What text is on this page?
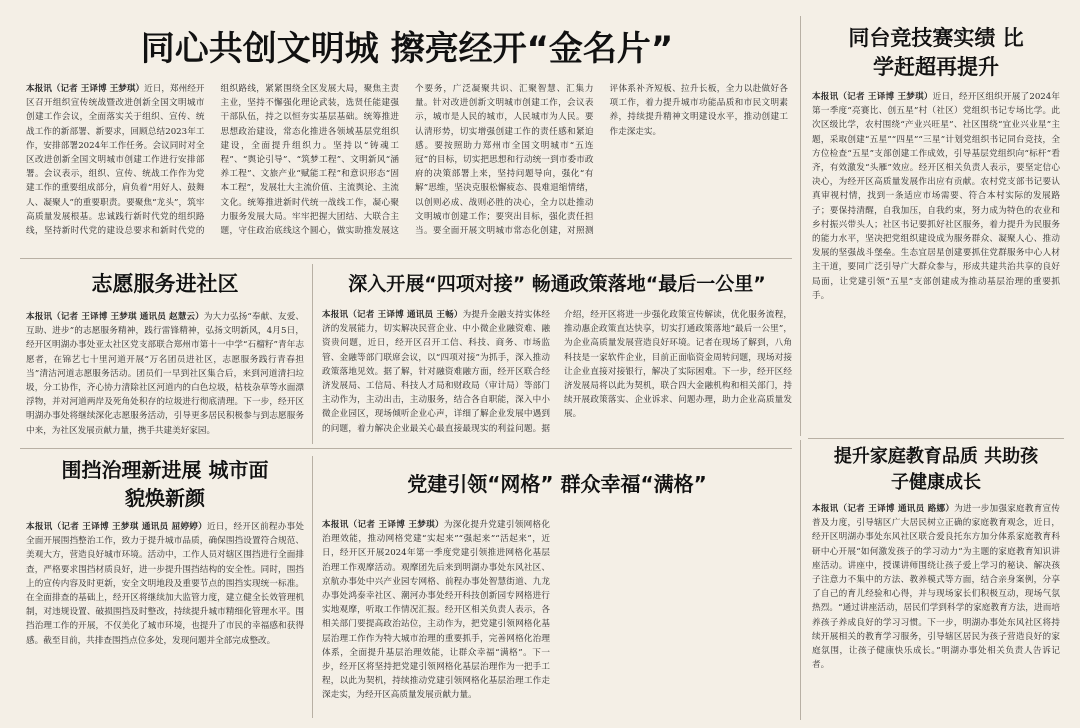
同心共创文明城 擦亮经开“金名片”

本报讯（记者 王译博 王梦琪）近日，郑州经开区召开组织宣传统战暨改进创新全国文明城市创建工作会议，全面落实关于组织、宣传、统战工作的新部署、新要求，回顾总结2023年工作，安排部署2024年工作任务。会议同时对全区改进创新全国文明城市创建工作进行安排部署。会议表示，组织、宣传、统战工作作为党建工作的重要组成部分，肩负着“用好人、鼓舞人、凝聚人”的重要职责。要聚焦“龙头”，筑牢高质量发展根基。忠诚践行新时代党的组织路线，坚持新时代党的建设总要求和新时代党的组织路线，紧紧围绕全区发展大局，聚焦主责主业，坚持不懈强化理论武装，选贤任能建强干部队伍，持之以恒夯实基层基础。统筹推进思想政治建设，常态化推进各领域基层党组织建设，全面提升组织力。坚持以“铸魂工程”、“舆论引导”、“筑梦工程”、文明新风“涵养工程”、文旅产业“赋能工程”和意识形态“固本工程”，发展壮大主流价值、主流舆论、主流文化。统筹推进新时代统一战线工作，凝心聚力服务发展大局。牢牢把握大团结、大联合主题，守住政治底线这个圆心，做实助推发展这个要务，广泛凝聚共识、汇聚智慧、汇集力量。针对改进创新文明城市创建工作，会议表示，城市是人民的城市，人民城市为人民。要认清形势，切实增强创建工作的责任感和紧迫感。要按照助力郑州市全国文明城市“五连冠”的目标，切实把思想和行动统一到市委市政府的决策部署上来，坚持问题导向，强化“有解”思维，坚决克服松懈疲态、畏难退缩情绪，以创则必成、战则必胜的决心，全力以赴推动文明城市创建工作；要突出目标，强化责任担当。要全面开展文明城市常态化创建，对照测评体系补齐短板、拉升长板，全力以赴做好各项工作，着力提升城市功能品质和市民文明素养，持续提升精神文明建设水平，推动创建工作走深走实。

同台竞技赛实绩 比学赶超再提升

本报讯（记者 王译博 王梦琪）近日，经开区组织开展了2024年第一季度“亮赛比、创五星”村（社区）党组织书记专场比学。此次区级比学，农村围绕“产业兴旺星”、社区围绕“宜业兴业星”主题，采取创建“五星”“四星”“三星”计划党组织书记同台竞技，全方位检查“五星”支部创建工作成效，引导基层党组织向“标杆”看齐，有效激发“头雁”效应。经开区相关负责人表示，要坚定信心决心，为经开区高质量发展作出应有贡献。农村党支部书记要认真审视村情，找到一条适应市场需要、符合本村实际的发展路子；要保持清醒，自我加压，自我约束，努力成为特色的农业和乡村振兴带头人；社区书记要抓好社区服务，着力提升为民服务的能力水平，坚决把党组织建设成为服务群众、凝聚人心、推动发展的坚强战斗堡垒。生态宜居星创建要抓住党群服务中心人材主干道，要同广泛引导广大群众参与，形成共建共治共享的良好局面，让党建引领“五星”支部创建成为推动基层治理的重要抓手。

志愿服务进社区

本报讯（记者 王译博 王梦琪 通讯员 赵慧云）为大力弘扬“奉献、友爱、互助、进步”的志愿服务精神，践行雷锋精神，弘扬文明新风，4月5日，经开区明湖办事处亚太社区党支部联合郑州市第十一中学“石榴籽”青年志愿者，在锦艺七十里河道开展“万名团员进社区，志愿服务践行青春担当”清洁河道志愿服务活动。团员们一早到社区集合后，来到河道清扫垃圾，分工协作，齐心协力清除社区河道内的白色垃圾，枯枝杂草等水面漂浮物，并对河道两岸及死角处积存的垃圾进行彻底清理。下一步，经开区明湖办事处将继续深化志愿服务活动，引导更多居民积极参与到志愿服务中来，为社区发展贡献力量，携手共建美好家园。

深入开展“四项对接” 畅通政策落地“最后一公里”

本报讯（记者 王译博 通讯员 王畅）为提升金融支持实体经济的发展能力，切实解决民营企业、中小微企业融资难、融资贵问题，近日，经开区召开工信、科技、商务、市场监管、金融等部门联席会议，以“四项对接”为抓手，深入推动政策落地见效。据了解，针对融资难融方面，经开区联合经济发展局、工信局、科技人才局和财政局（审计局）等部门主动作为，主动出击，主动服务，结合各自职能，深入中小微企业园区，现场倾听企业心声，详细了解企业发展中遇到的问题，着力解决企业最关心最直接最现实的利益问题。据介绍，经开区将进一步强化政策宣传解读，优化服务流程，推动惠企政策直达快享，切实打通政策落地“最后一公里”，为企业高质量发展营造良好环境。记者在现场了解到，八角科技是一家软件企业，目前正面临资金周转问题，现场对接让企业直接对接银行，解决了实际困难。下一步，经开区经济发展局将以此为契机，联合四大金融机构和相关部门，持续开展政策落实、企业诉求、问题办理，助力企业高质量发展。

围挡治理新进展 城市面貌焕新颜

本报讯（记者 王译博 王梦琪 通讯员 屈婷婷）近日，经开区前程办事处全面开展围挡整治工作，致力于提升城市品质，确保围挡设置符合规范、美观大方，营造良好城市环境。活动中，工作人员对辖区围挡进行全面排查，严格要求围挡材质良好，进一步提升围挡结构的安全性。同时，围挡上的宣传内容及时更新，安全文明地段及重要节点的围挡实现统一标准。在全面排查的基础上，经开区将继续加大监管力度，建立健全长效管理机制，对违规设置、破损围挡及时整改，持续提升城市精细化管理水平。围挡治理工作的开展，不仅美化了城市环境，也提升了市民的幸福感和获得感。截至目前，共排查围挡点位多处，发现问题并全部完成整改。

党建引领“网格” 群众幸福“满格”

本报讯（记者 王译博 王梦琪）为深化提升党建引领网格化治理效能，推动网格党建“实起来”“强起来”“活起来”，近日，经开区开展2024年第一季度党建引领推进网格化基层治理工作观摩活动。观摩团先后来到明湖办事处东风社区、京航办事处中兴产业园专网格、前程办事处智慧街道、九龙办事处鸿泰幸社区、潮河办事处经开科技创新园专网格进行实地观摩，听取工作情况汇报。经开区相关负责人表示，各相关部门要提高政治站位，主动作为，把党建引领网格化基层治理工作作为特大城市治理的重要抓手，完善网格化治理体系，全面提升基层治理效能，让群众幸福“满格”。下一步，经开区将坚持把党建引领网格化基层治理作为一把手工程，以此为契机，持续推动党建引领网格化基层治理工作走深走实，为经开区高质量发展贡献力量。

提升家庭教育品质 共助孩子健康成长

本报讯（记者 王译博 通讯员 路娜）为进一步加强家庭教育宣传普及力度，引导辖区广大居民树立正确的家庭教育观念，近日，经开区明湖办事处东风社区联合爱良托东方加分体系家庭教育科研中心开展“如何激发孩子的学习动力”为主题的家庭教育知识讲座活动。讲座中，授课讲师围绕让孩子爱上学习的秘诀、解决孩子注意力不集中的方法、教养模式等方面，结合亲身案例，分享了自己的育儿经验和心得，并与现场家长们积极互动，现场气氛热烈。“通过讲座活动，居民们学到科学的家庭教育方法，进而培养孩子养成良好的学习习惯。下一步，明湖办事处东风社区将持续开展相关的教育学习服务，引导辖区居民为孩子营造良好的家庭氛围，让孩子健康快乐成长。”明湖办事处相关负责人告诉记者。
